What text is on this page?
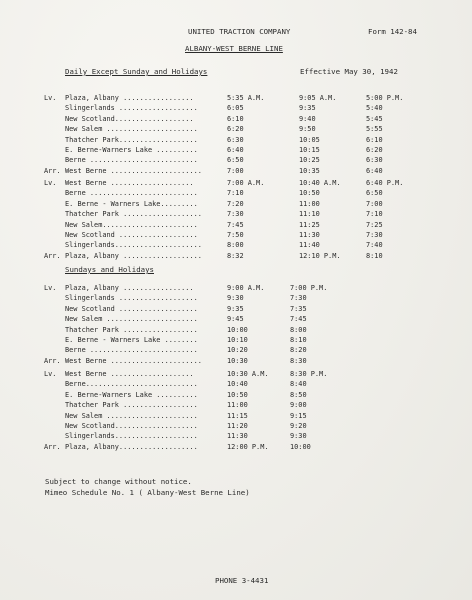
UNITED TRACTION COMPANY	Form 142-84
ALBANY-WEST BERNE LINE
Daily Except Sunday and Holidays	Effective May 30, 1942
Lv. Plaza, Albany .................	5:35 A.M.	9:05 A.M.	5:00 P.M.
Slingerlands ...................	6:05	9:35	5:40
New Scotland...................	6:10	9:40	5:45
New Salem ......................	6:20	9:50	5:55
Thatcher Park...................	6:30	10:05	6:10
E. Berne-Warners Lake ..........	6:40	10:15	6:20
Berne ..........................	6:50	10:25	6:30
Arr. West Berne ......................	7:00	10:35	6:40
Lv. West Berne ....................	7:00 A.M.	10:40 A.M.	6:40 P.M.
Berne ..........................	7:10	10:50	6:50
E. Berne - Warners Lake.........	7:20	11:00	7:00
Thatcher Park ...................	7:30	11:10	7:10
New Salem.......................	7:45	11:25	7:25
New Scotland ...................	7:50	11:30	7:30
Slingerlands.....................	8:00	11:40	7:40
Arr. Plaza, Albany ...................	8:32	12:10 P.M.	8:10
Sundays and Holidays
Lv. Plaza, Albany .................	9:00 A.M.	7:00 P.M.
Slingerlands ...................	9:30	7:30
New Scotland ...................	9:35	7:35
New Salem ......................	9:45	7:45
Thatcher Park ..................	10:00	8:00
E. Berne - Warners Lake ........	10:10	8:10
Berne ..........................	10:20	8:20
Arr. West Berne ......................	10:30	8:30
Lv. West Berne ....................	10:30 A.M.	8:30 P.M.
Berne...........................	10:40	8:40
E. Berne-Warners Lake ..........	10:50	8:50
Thatcher Park ..................	11:00	9:00
New Salem ......................	11:15	9:15
New Scotland....................	11:20	9:20
Slingerlands....................	11:30	9:30
Arr. Plaza, Albany...................	12:00 P.M.	10:00
Subject to change without notice.
Mimeo Schedule No. 1 ( Albany-West Berne Line)
PHONE 3-4431
